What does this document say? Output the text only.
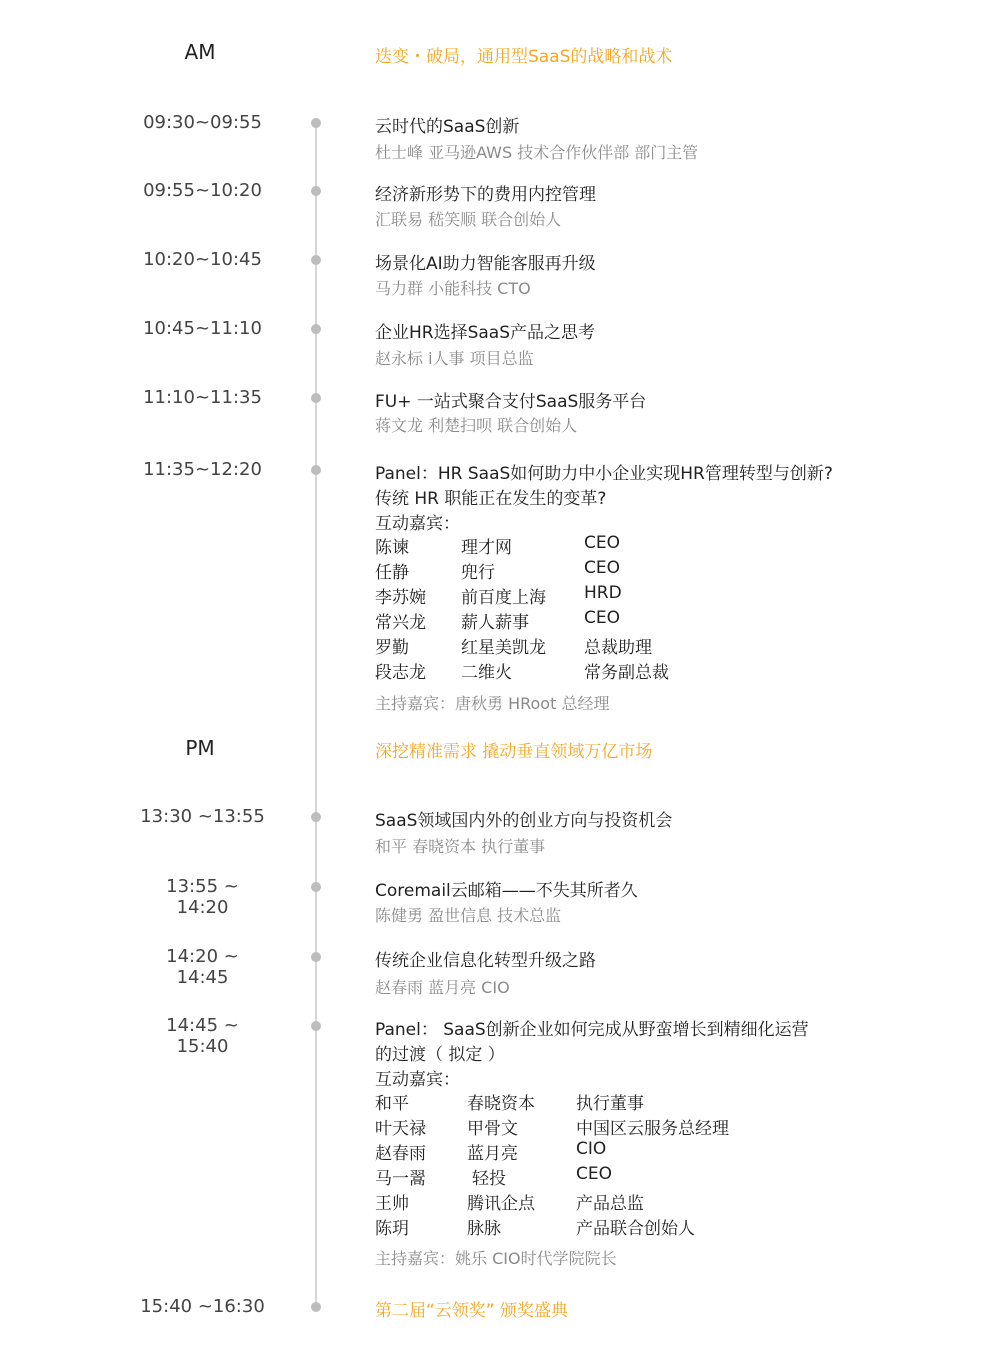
AM	迭变・破局，通用型SaaS的战略和战术
09:30~09:55	云时代的SaaS创新
杜士峰 亚马逊AWS 技术合作伙伴部 部门主管
09:55~10:20	经济新形势下的费用内控管理
汇联易 嵇笑顺 联合创始人
10:20~10:45	场景化AI助力智能客服再升级
马力群 小能科技 CTO
10:45~11:10	企业HR选择SaaS产品之思考
赵永标 i人事 项目总监
11:10~11:35	FU+ 一站式聚合支付SaaS服务平台
蒋文龙 利楚扫呗 联合创始人
11:35~12:20	Panel：HR SaaS如何助力中小企业实现HR管理转型与创新?
传统 HR 职能正在发生的变革?
互动嘉宾：
陈谏	理才网	CEO
任静	兜行	CEO
李苏婉 前百度上海 HRD
常兴龙 薪人薪事	CEO
罗勤	红星美凯龙 总裁助理
段志龙 二维火	常务副总裁
主持嘉宾：唐秋勇 HRoot 总经理
PM	深挖精准需求 撬动垂直领域万亿市场
13:30 ~13:55	SaaS领域国内外的创业方向与投资机会
和平 春晓资本 执行董事
13:55 ~ 14:20
Coremail云邮箱——不失其所者久
陈健勇 盈世信息 技术总监
14:20 ~ 14:45
传统企业信息化转型升级之路
赵春雨 蓝月亮 CIO
14:45 ~ 15:40
Panel： SaaS创新企业如何完成从野蛮增长到精细化运营
的过渡（ 拟定 ）
互动嘉宾：
和平	春晓资本 执行董事
叶天禄 甲骨文	中国区云服务总经理
赵春雨 蓝月亮	CIO
马一翯	轻投	CEO
王帅	腾讯企点 产品总监
陈玥	脉脉	产品联合创始人
主持嘉宾：姚乐 CIO时代学院院长
15:40 ~16:30	第二届“云领奖” 颁奖盛典
